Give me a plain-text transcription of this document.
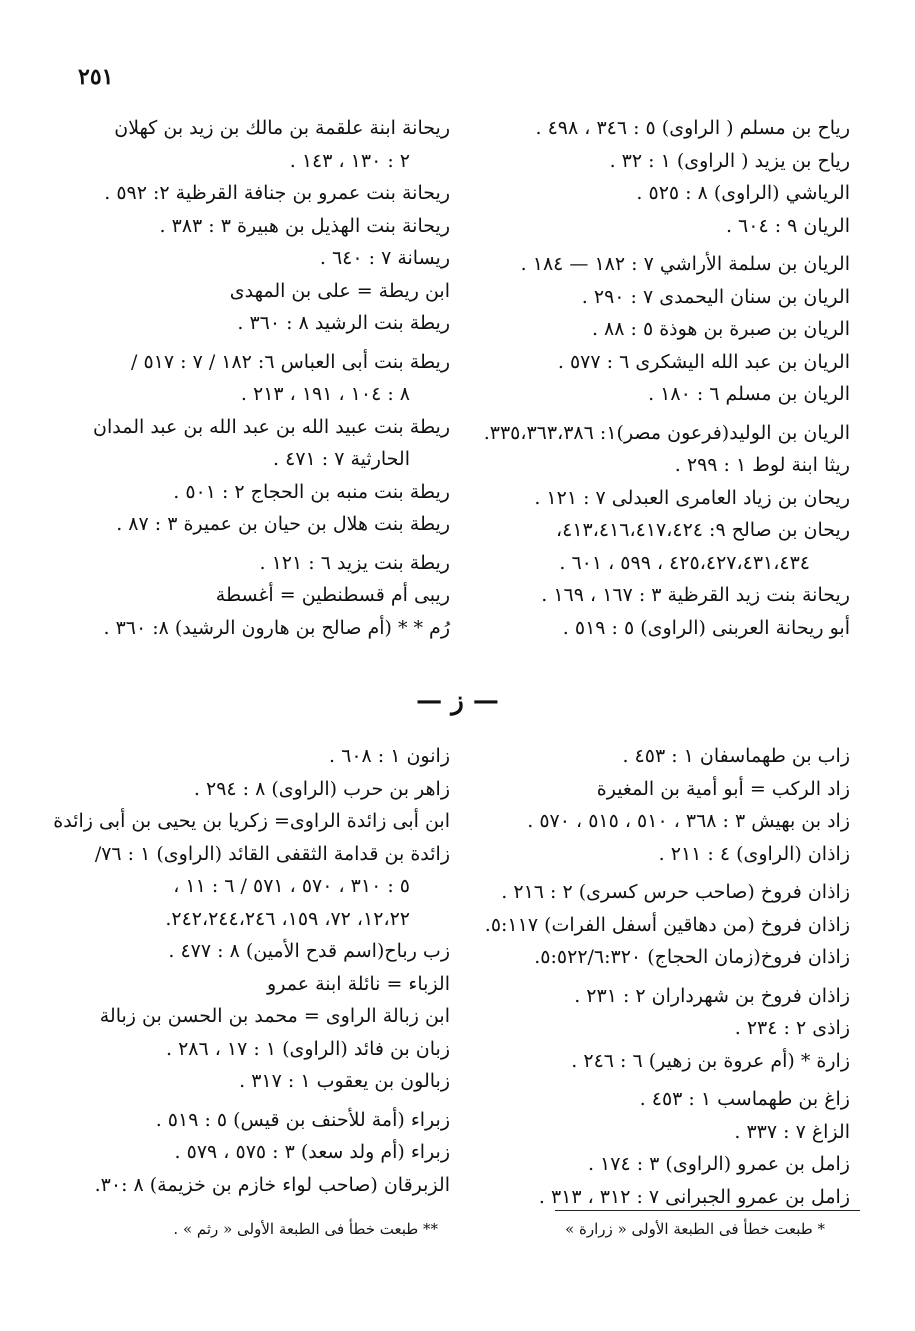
٢٥١
رياح بن مسلم ( الراوى) ٥ : ٣٤٦ ، ٤٩٨ .
رياح بن يزيد ( الراوى) ١ : ٣٢ .
الرياشي (الراوى) ٨ : ٥٢٥ .
الريان ٩ : ٦٠٤ .
الريان بن سلمة الأراشي ٧ : ١٨٢ — ١٨٤ .
الريان بن سنان اليحمدى ٧ : ٢٩٠ .
الريان بن صبرة بن هوذة ٥ : ٨٨ .
الريان بن عبد الله اليشكرى ٦ : ٥٧٧ .
الريان بن مسلم ٦ : ١٨٠ .
الريان بن الوليد(فرعون مصر)١: ٣٣٥،٣٦٣،٣٨٦.
ريثا ابنة لوط ١ : ٢٩٩ .
ريحان بن زياد العامرى العبدلى ٧ : ١٢١ .
ريحان بن صالح ٩: ٤١٣،٤١٦،٤١٧،٤٢٤،
٤٢٥،٤٢٧،٤٣١،٤٣٤ ، ٥٩٩ ، ٦٠١ .
ريحانة بنت زيد القرظية ٣ : ١٦٧ ، ١٦٩ .
أبو ريحانة العربنى (الراوى) ٥ : ٥١٩ .
ريحانة ابنة علقمة بن مالك بن زيد بن كهلان
٢ : ١٣٠ ، ١٤٣ .
ريحانة بنت عمرو بن جنافة القرظية ٢: ٥٩٢ .
ريحانة بنت الهذيل بن هبيرة ٣ : ٣٨٣ .
ريسانة ٧ : ٦٤٠ .
ابن ريطة = على بن المهدى
ريطة بنت الرشيد ٨ : ٣٦٠ .
ريطة بنت أبى العباس ٦: ١٨٢ / ٧ : ٥١٧ /
٨ : ١٠٤ ، ١٩١ ، ٢١٣ .
ريطة بنت عبيد الله بن عبد الله بن عبد المدان
الحارثية ٧ : ٤٧١ .
ريطة بنت منبه بن الحجاج ٢ : ٥٠١ .
ريطة بنت هلال بن حيان بن عميرة ٣ : ٨٧ .
ريطة بنت يزيد ٦ : ١٢١ .
ريبى أم قسطنطين = أغسطة
رُم * * (أم صالح بن هارون الرشيد) ٨: ٣٦٠ .
— ز —
زاب بن طهماسفان ١ : ٤٥٣ .
زاد الركب = أبو أمية بن المغيرة
زاد بن بهيش ٣ : ٣٦٨ ، ٥١٠ ، ٥١٥ ، ٥٧٠ .
زاذان (الراوى) ٤ : ٢١١ .
زاذان فروخ (صاحب حرس كسرى) ٢ : ٢١٦ .
زاذان فروخ (من دهاقين أسفل الفرات) ٥:١١٧.
زاذان فروخ(زمان الحجاج) ٥:٥٢٢/٦:٣٢٠.
زاذان فروخ بن شهرداران ٢ : ٢٣١ .
زاذى ٢ : ٢٣٤ .
زارة * (أم عروة بن زهير) ٦ : ٢٤٦ .
زاغ بن طهماسب ١ : ٤٥٣ .
الزاغ ٧ : ٣٣٧ .
زامل بن عمرو (الراوى) ٣ : ١٧٤ .
زامل بن عمرو الجبرانى ٧ : ٣١٢ ، ٣١٣ .
زانون ١ : ٦٠٨ .
زاهر بن حرب (الراوى) ٨ : ٢٩٤ .
ابن أبى زائدة الراوى= زكريا بن يحيى بن أبى زائدة
زائدة بن قدامة الثقفى القائد (الراوى) ١ : ٧٦/
٥ : ٣١٠ ، ٥٧٠ ، ٥٧١ / ٦ : ١١ ،
١٢،٢٢، ٧٢، ١٥٩، ٢٤٢،٢٤٤،٢٤٦.
زب رباح(اسم قدح الأمين) ٨ : ٤٧٧ .
الزباء = نائلة ابنة عمرو
ابن زبالة الراوى = محمد بن الحسن بن زبالة
زبان بن فائد (الراوى) ١ : ١٧ ، ٢٨٦ .
زبالون بن يعقوب ١ : ٣١٧ .
زبراء (أمة للأحنف بن قيس) ٥ : ٥١٩ .
زبراء (أم ولد سعد) ٣ : ٥٧٥ ، ٥٧٩ .
الزبرقان (صاحب لواء خازم بن خزيمة) ٨ :٣٠.
* طبعت خطأ فى الطبعة الأولى « زرارة »
** طبعت خطأ فى الطبعة الأولى « رثم » .
